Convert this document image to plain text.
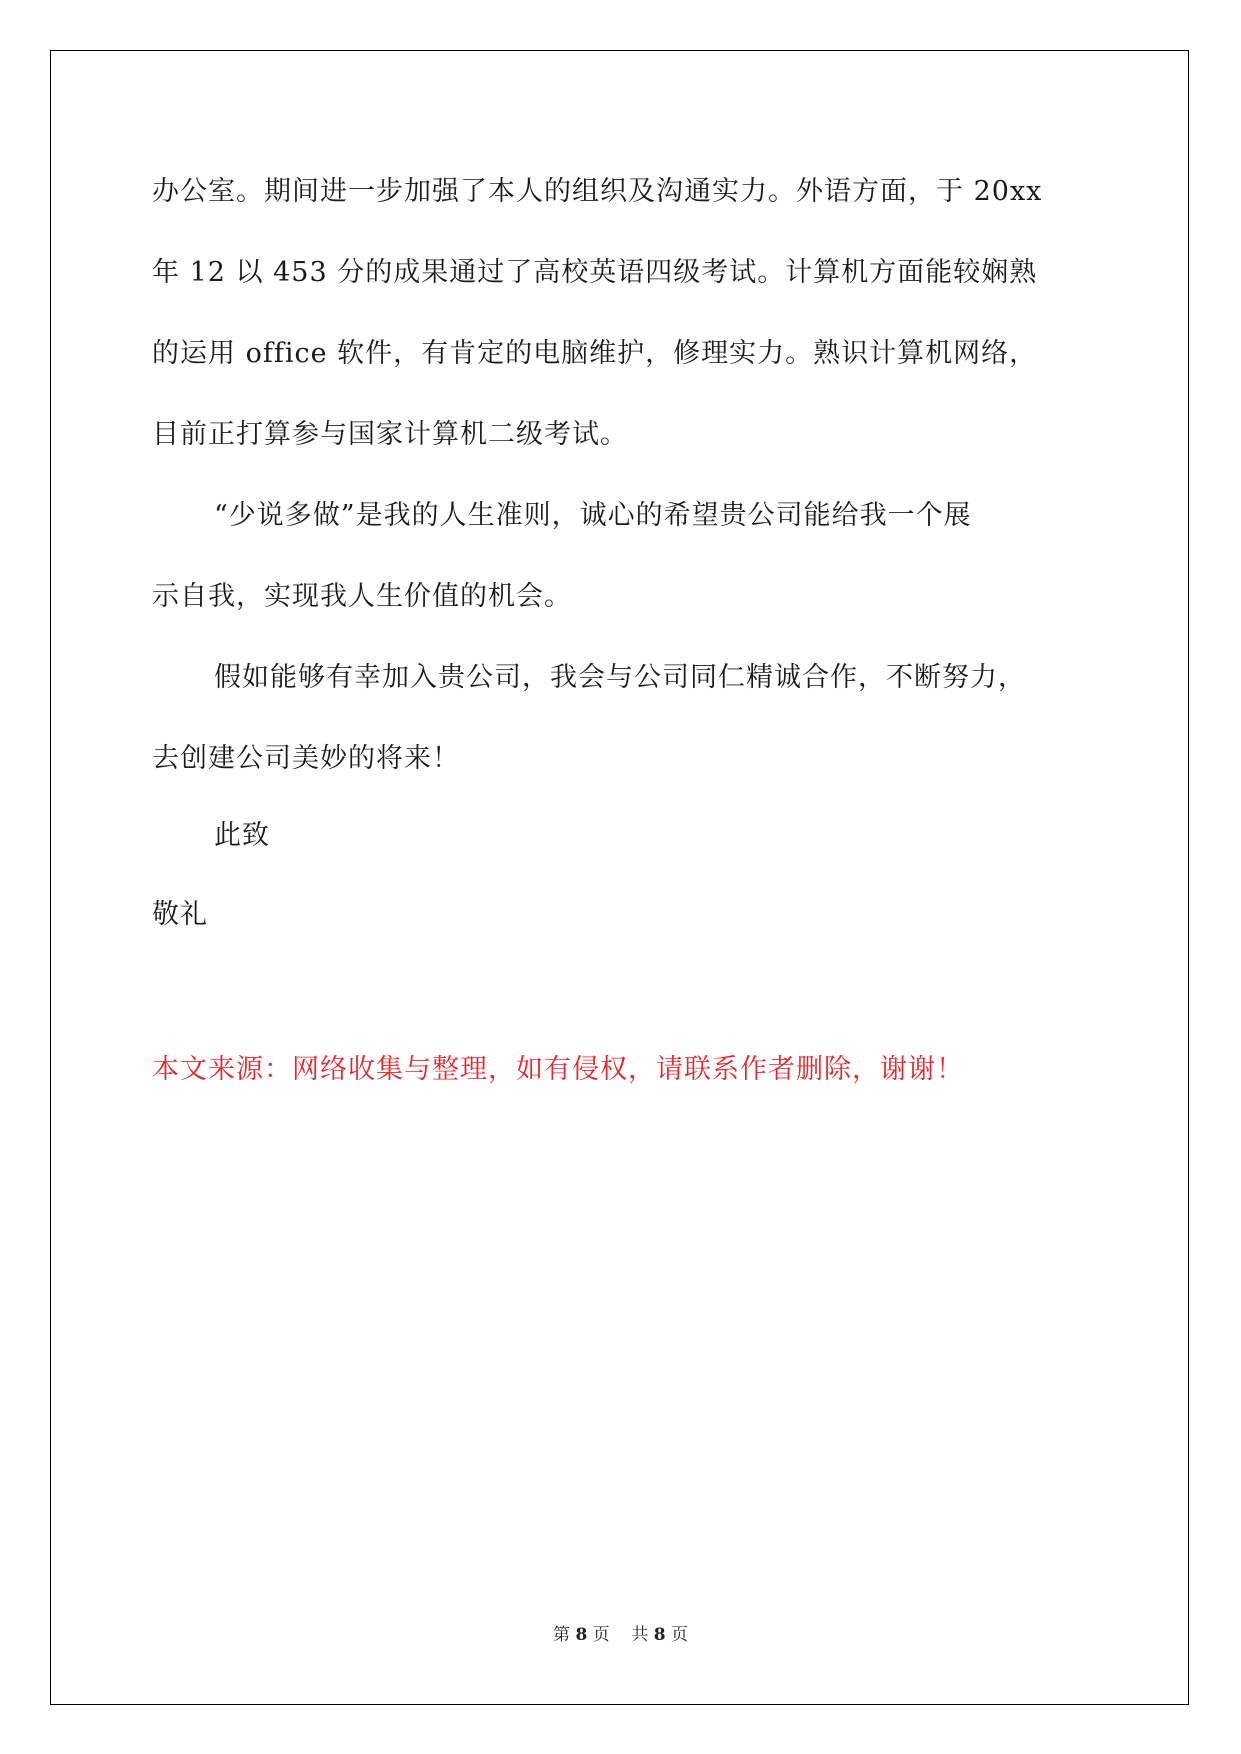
办公室。期间进一步加强了本人的组织及沟通实力。外语方面，于 20xx
年 12 以 453 分的成果通过了高校英语四级考试。计算机方面能较娴熟
的运用 office 软件，有肯定的电脑维护，修理实力。熟识计算机网络，
目前正打算参与国家计算机二级考试。
“少说多做”是我的人生准则，诚心的希望贵公司能给我一个展
示自我，实现我人生价值的机会。
假如能够有幸加入贵公司，我会与公司同仁精诚合作，不断努力，
去创建公司美妙的将来！
此致
敬礼
本文来源：网络收集与整理，如有侵权，请联系作者删除，谢谢！
第 8 页 共 8 页
